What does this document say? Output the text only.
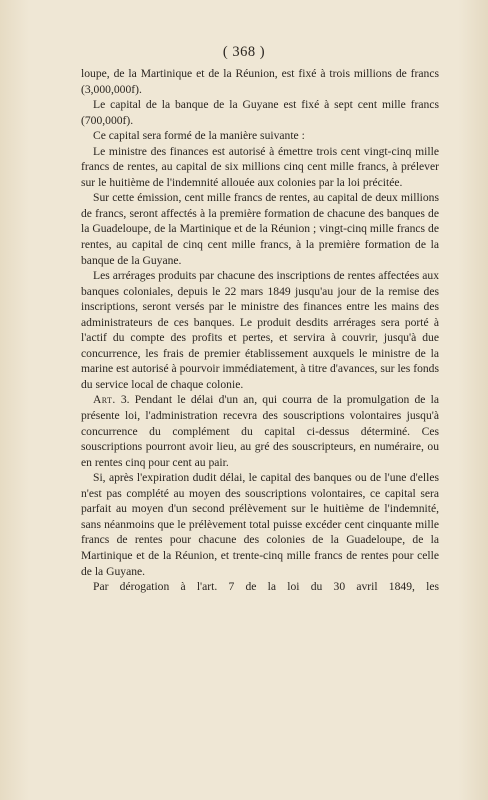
( 368 )

loupe, de la Martinique et de la Réunion, est fixé à trois millions de francs (3,000,000f).

Le capital de la banque de la Guyane est fixé à sept cent mille francs (700,000f).

Ce capital sera formé de la manière suivante :

Le ministre des finances est autorisé à émettre trois cent vingt-cinq mille francs de rentes, au capital de six millions cinq cent mille francs, à prélever sur le huitième de l'indemnité allouée aux colonies par la loi précitée.

Sur cette émission, cent mille francs de rentes, au capital de deux millions de francs, seront affectés à la première formation de chacune des banques de la Guadeloupe, de la Martinique et de la Réunion ; vingt-cinq mille francs de rentes, au capital de cinq cent mille francs, à la première formation de la banque de la Guyane.

Les arrérages produits par chacune des inscriptions de rentes affectées aux banques coloniales, depuis le 22 mars 1849 jusqu'au jour de la remise des inscriptions, seront versés par le ministre des finances entre les mains des administrateurs de ces banques. Le produit desdits arrérages sera porté à l'actif du compte des profits et pertes, et servira à couvrir, jusqu'à due concurrence, les frais de premier établissement auxquels le ministre de la marine est autorisé à pourvoir immédiatement, à titre d'avances, sur les fonds du service local de chaque colonie.

Art. 3. Pendant le délai d'un an, qui courra de la promulgation de la présente loi, l'administration recevra des souscriptions volontaires jusqu'à concurrence du complément du capital ci-dessus déterminé. Ces souscriptions pourront avoir lieu, au gré des souscripteurs, en numéraire, ou en rentes cinq pour cent au pair.

Si, après l'expiration dudit délai, le capital des banques ou de l'une d'elles n'est pas complété au moyen des souscriptions volontaires, ce capital sera parfait au moyen d'un second prélèvement sur le huitième de l'indemnité, sans néanmoins que le prélèvement total puisse excéder cent cinquante mille francs de rentes pour chacune des colonies de la Guadeloupe, de la Martinique et de la Réunion, et trente-cinq mille francs de rentes pour celle de la Guyane.

Par dérogation à l'art. 7 de la loi du 30 avril 1849, les
